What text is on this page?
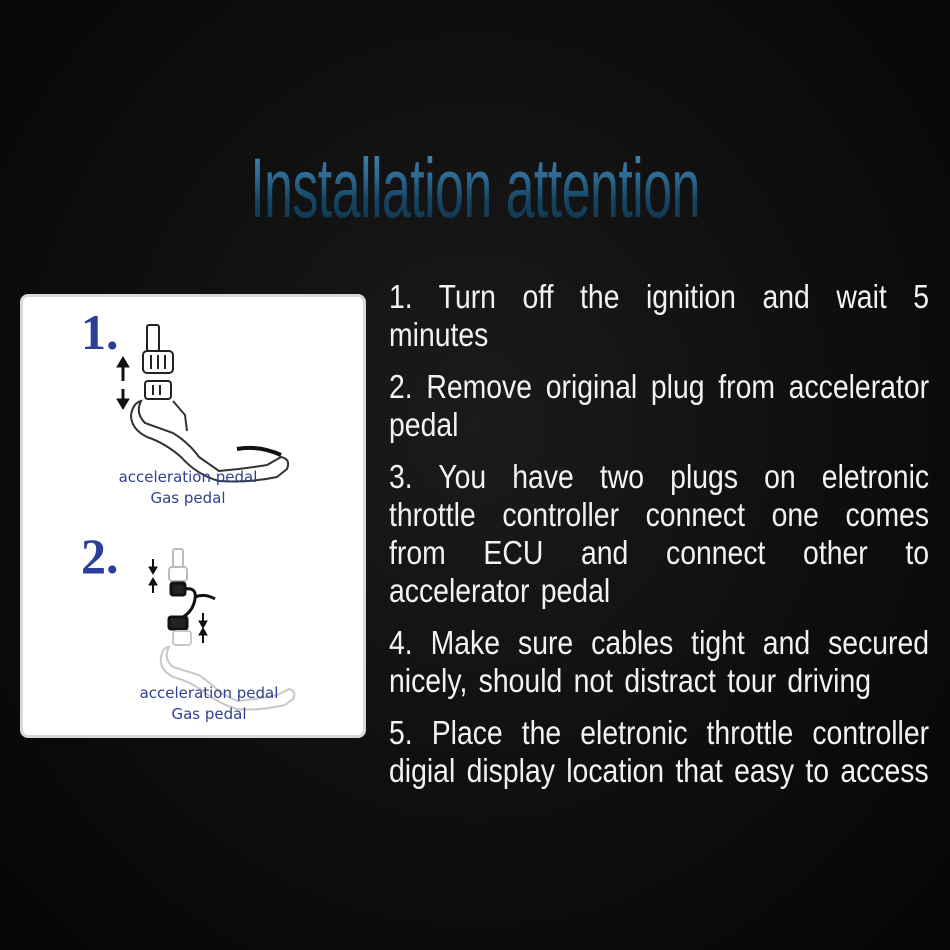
Installation attention
1.
acceleration pedal
Gas pedal
2.
acceleration pedal
Gas pedal
1. Turn off the ignition and wait 5 minutes
2. Remove original plug from accelerator pedal
3. You have two plugs on eletronic throttle controller connect one comes from ECU and connect other to accelerator pedal
4. Make sure cables tight and secured nicely, should not distract tour driving
5. Place the eletronic throttle controller digial display location that easy to access
